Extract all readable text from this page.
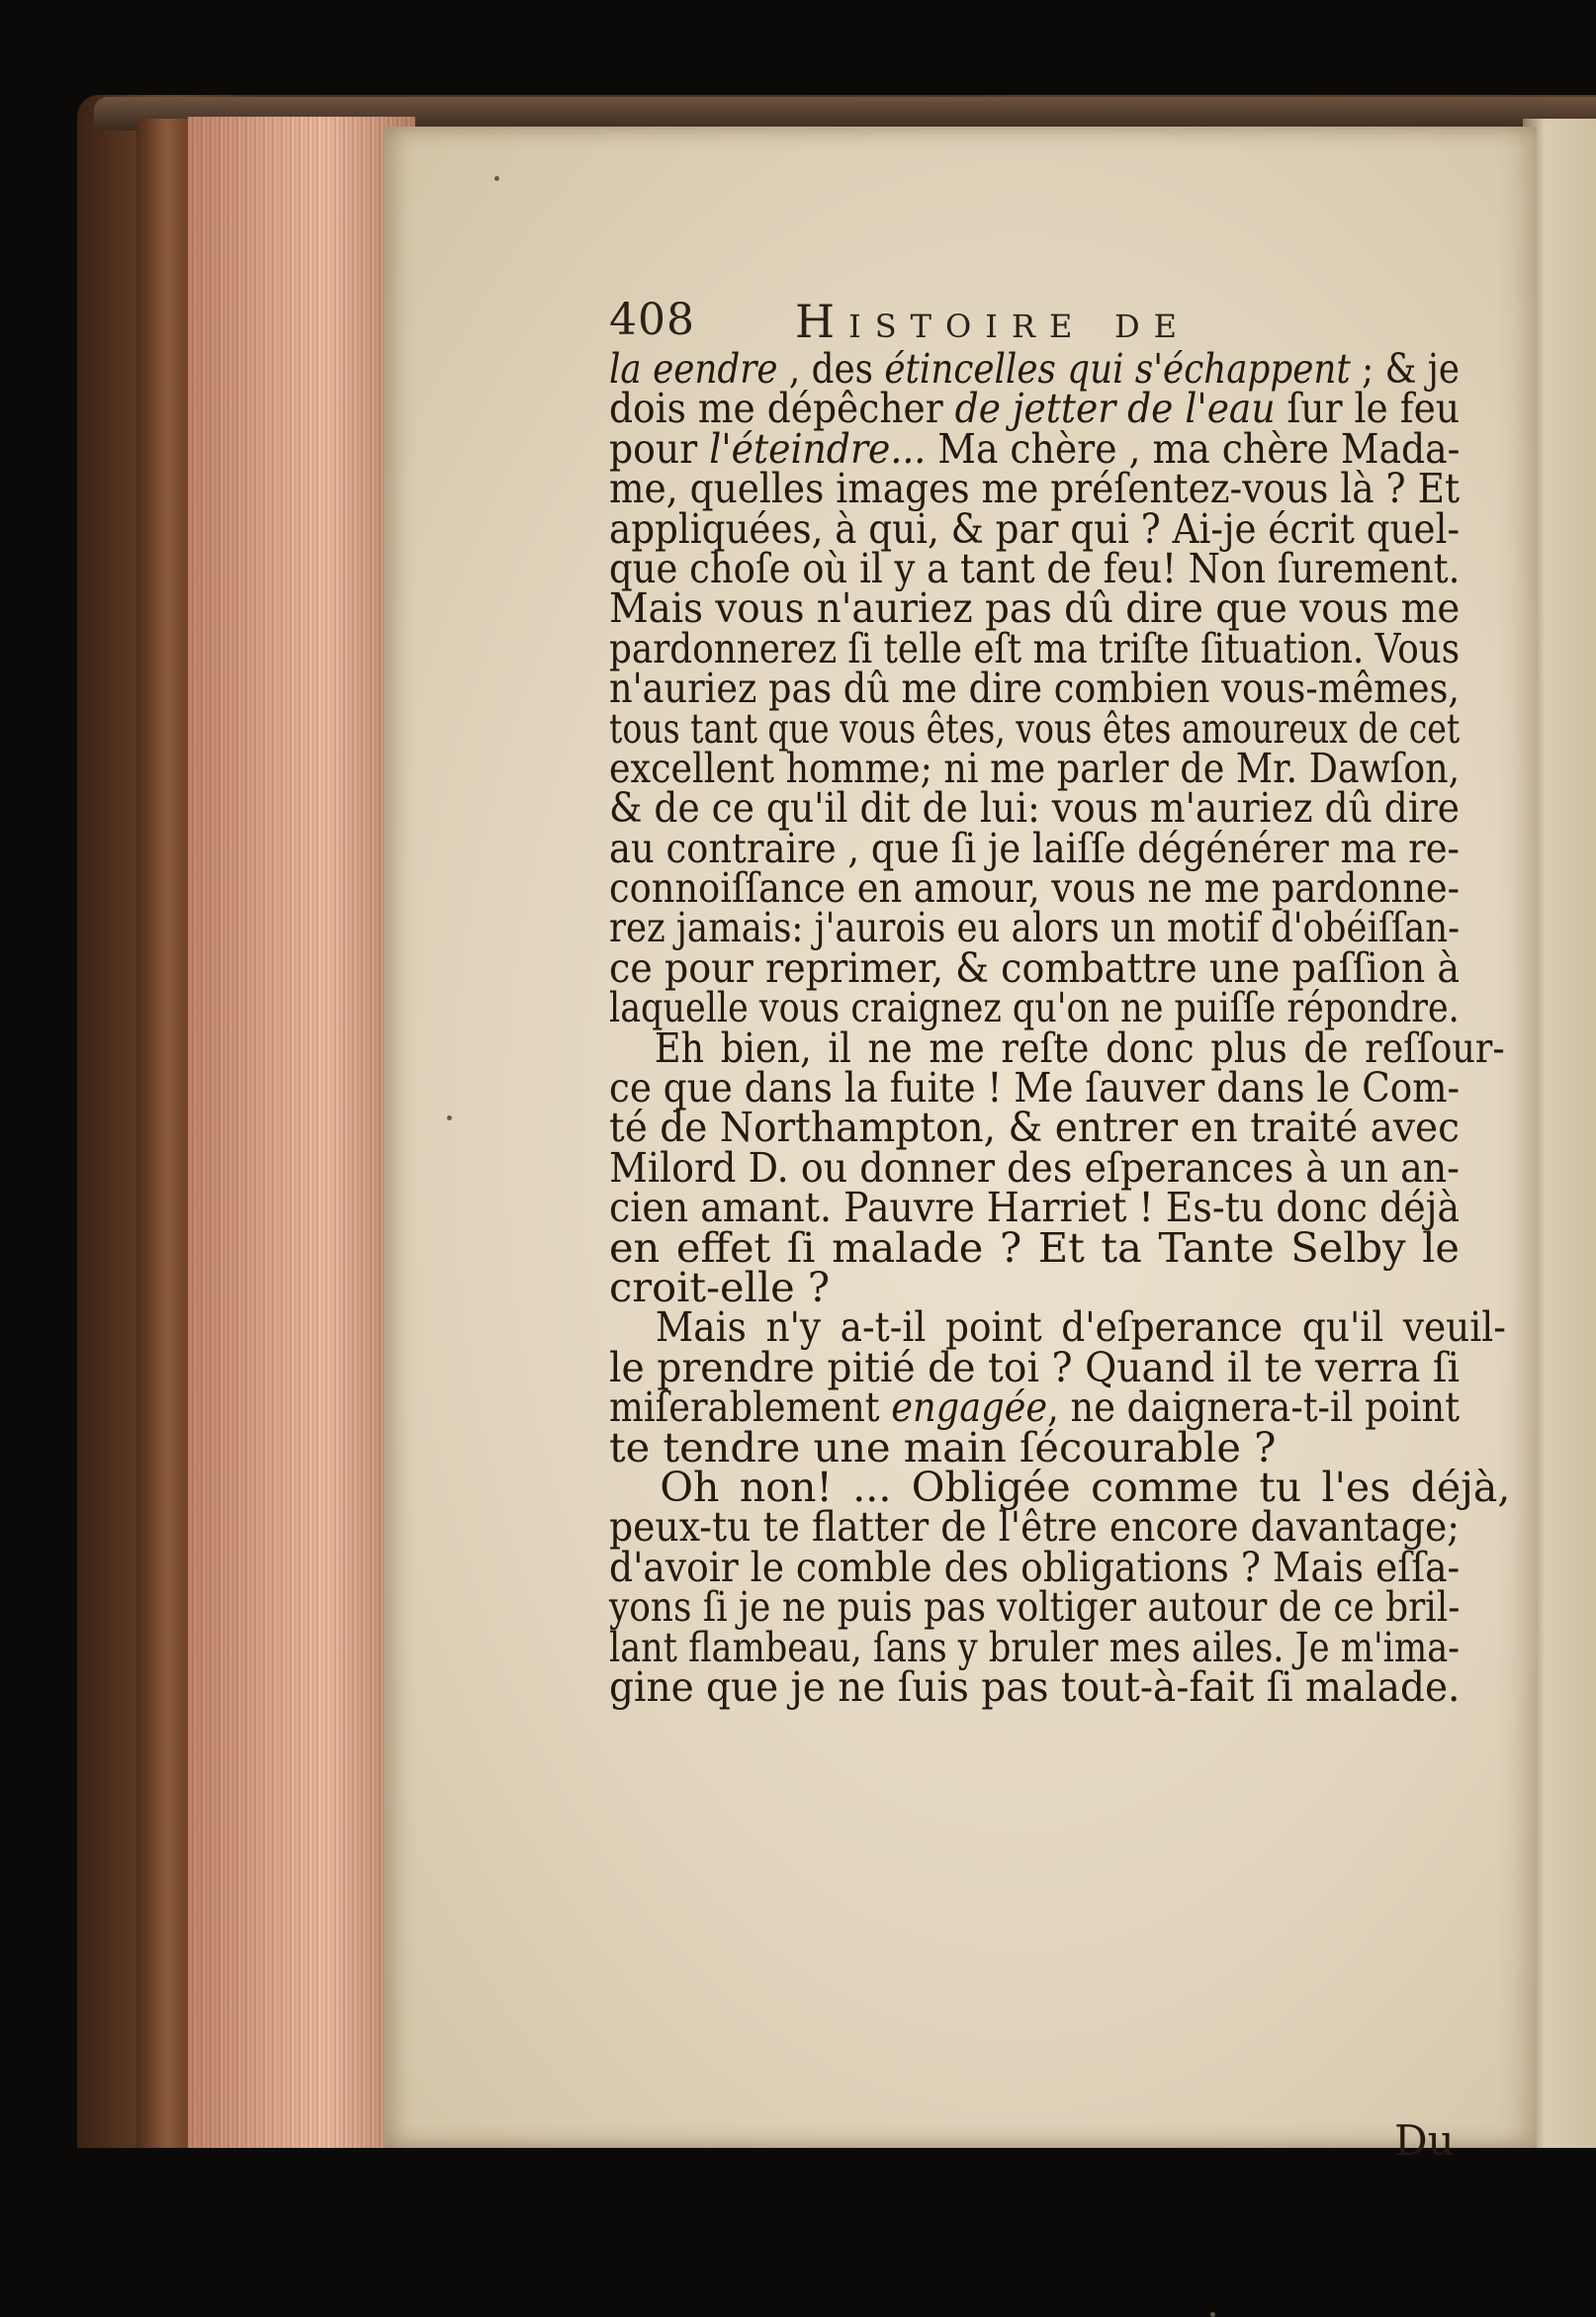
408 Histoire de
la eendre , des étincelles qui s'échappent ; & je
dois me dépêcher de jetter de l'eau ſur le feu
pour l'éteindre... Ma chère , ma chère Mada-
me, quelles images me préſentez-vous là ? Et
appliquées, à qui, & par qui ? Ai-je écrit quel-
que choſe où il y a tant de feu! Non ſurement.
Mais vous n'auriez pas dû dire que vous me
pardonnerez ſi telle eſt ma triſte ſituation. Vous
n'auriez pas dû me dire combien vous-mêmes,
tous tant que vous êtes, vous êtes amoureux de cet
excellent homme; ni me parler de Mr. Dawſon,
& de ce qu'il dit de lui: vous m'auriez dû dire
au contraire , que ſi je laiſſe dégénérer ma re-
connoiſſance en amour, vous ne me pardonne-
rez jamais: j'aurois eu alors un motif d'obéiſſan-
ce pour reprimer, & combattre une paſſion à
laquelle vous craignez qu'on ne puiſſe répondre.
Eh bien, il ne me reſte donc plus de reſſour-
ce que dans la fuite ! Me ſauver dans le Com-
té de Northampton, & entrer en traité avec
Milord D. ou donner des eſperances à un an-
cien amant. Pauvre Harriet ! Es-tu donc déjà
en effet ſi malade ? Et ta Tante Selby le
croit-elle ?
Mais n'y a-t-il point d'eſperance qu'il veuil-
le prendre pitié de toi ? Quand il te verra ſi
miſerablement engagée, ne daignera-t-il point
te tendre une main ſécourable ?
Oh non! ... Obligée comme tu l'es déjà,
peux-tu te flatter de l'être encore davantage;
d'avoir le comble des obligations ? Mais eſſa-
yons ſi je ne puis pas voltiger autour de ce bril-
lant flambeau, ſans y bruler mes ailes. Je m'ima-
gine que je ne ſuis pas tout-à-fait ſi malade.
Du
